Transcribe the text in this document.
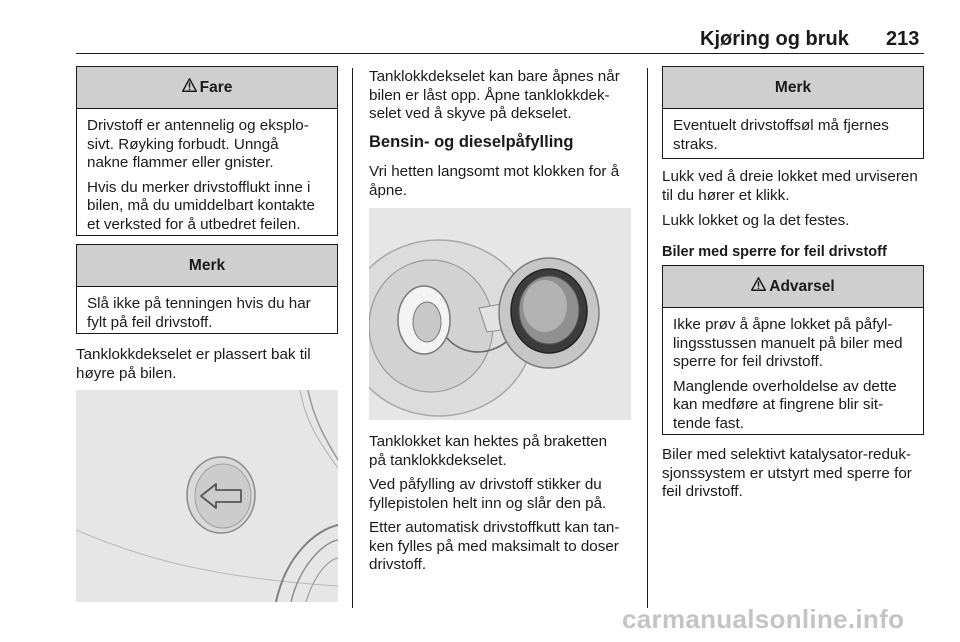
Kjøring og bruk 213
Fare

Drivstoff er antennelig og eksplo-
sivt. Røyking forbudt. Unngå
nakne flammer eller gnister.

Hvis du merker drivstofflukt inne i
bilen, må du umiddelbart kontakte
et verksted for å utbedret feilen.

Merk

Slå ikke på tenningen hvis du har
fylt på feil drivstoff.

Tanklokkdekselet er plassert bak til
høyre på bilen.
Tanklokkdekselet kan bare åpnes når
bilen er låst opp. Åpne tanklokkdek-
selet ved å skyve på dekselet.
Bensin- og dieselpåfylling
Vri hetten langsomt mot klokken for å
åpne.

Tanklokket kan hektes på braketten
på tanklokkdekselet.

Ved påfylling av drivstoff stikker du
fyllepistolen helt inn og slår den på.

Etter automatisk drivstoffkutt kan tan-
ken fylles på med maksimalt to doser
drivstoff.

Merk

Eventuelt drivstoffsøl må fjernes
straks.

Lukk ved å dreie lokket med urviseren
til du hører et klikk.
Lukk lokket og la det festes.
Biler med sperre for feil drivstoff
Advarsel

Ikke prøv å åpne lokket på påfyl-
lingsstussen manuelt på biler med
sperre for feil drivstoff.

Manglende overholdelse av dette
kan medføre at fingrene blir sit-
tende fast.

Biler med selektivt katalysator-reduk-
sjonssystem er utstyrt med sperre for
feil drivstoff.
carmanualsonline.info
